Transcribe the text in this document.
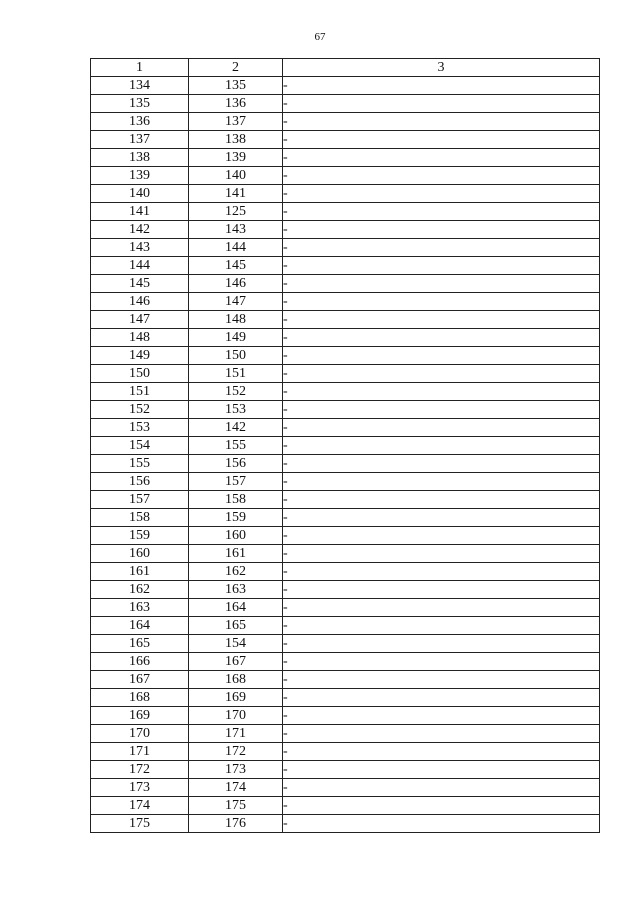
67
1	2	3
134	135	-
135	136	-
136	137	-
137	138	-
138	139	-
139	140	-
140	141	-
141	125	-
142	143	-
143	144	-
144	145	-
145	146	-
146	147	-
147	148	-
148	149	-
149	150	-
150	151	-
151	152	-
152	153	-
153	142	-
154	155	-
155	156	-
156	157	-
157	158	-
158	159	-
159	160	-
160	161	-
161	162	-
162	163	-
163	164	-
164	165	-
165	154	-
166	167	-
167	168	-
168	169	-
169	170	-
170	171	-
171	172	-
172	173	-
173	174	-
174	175	-
175	176	-
